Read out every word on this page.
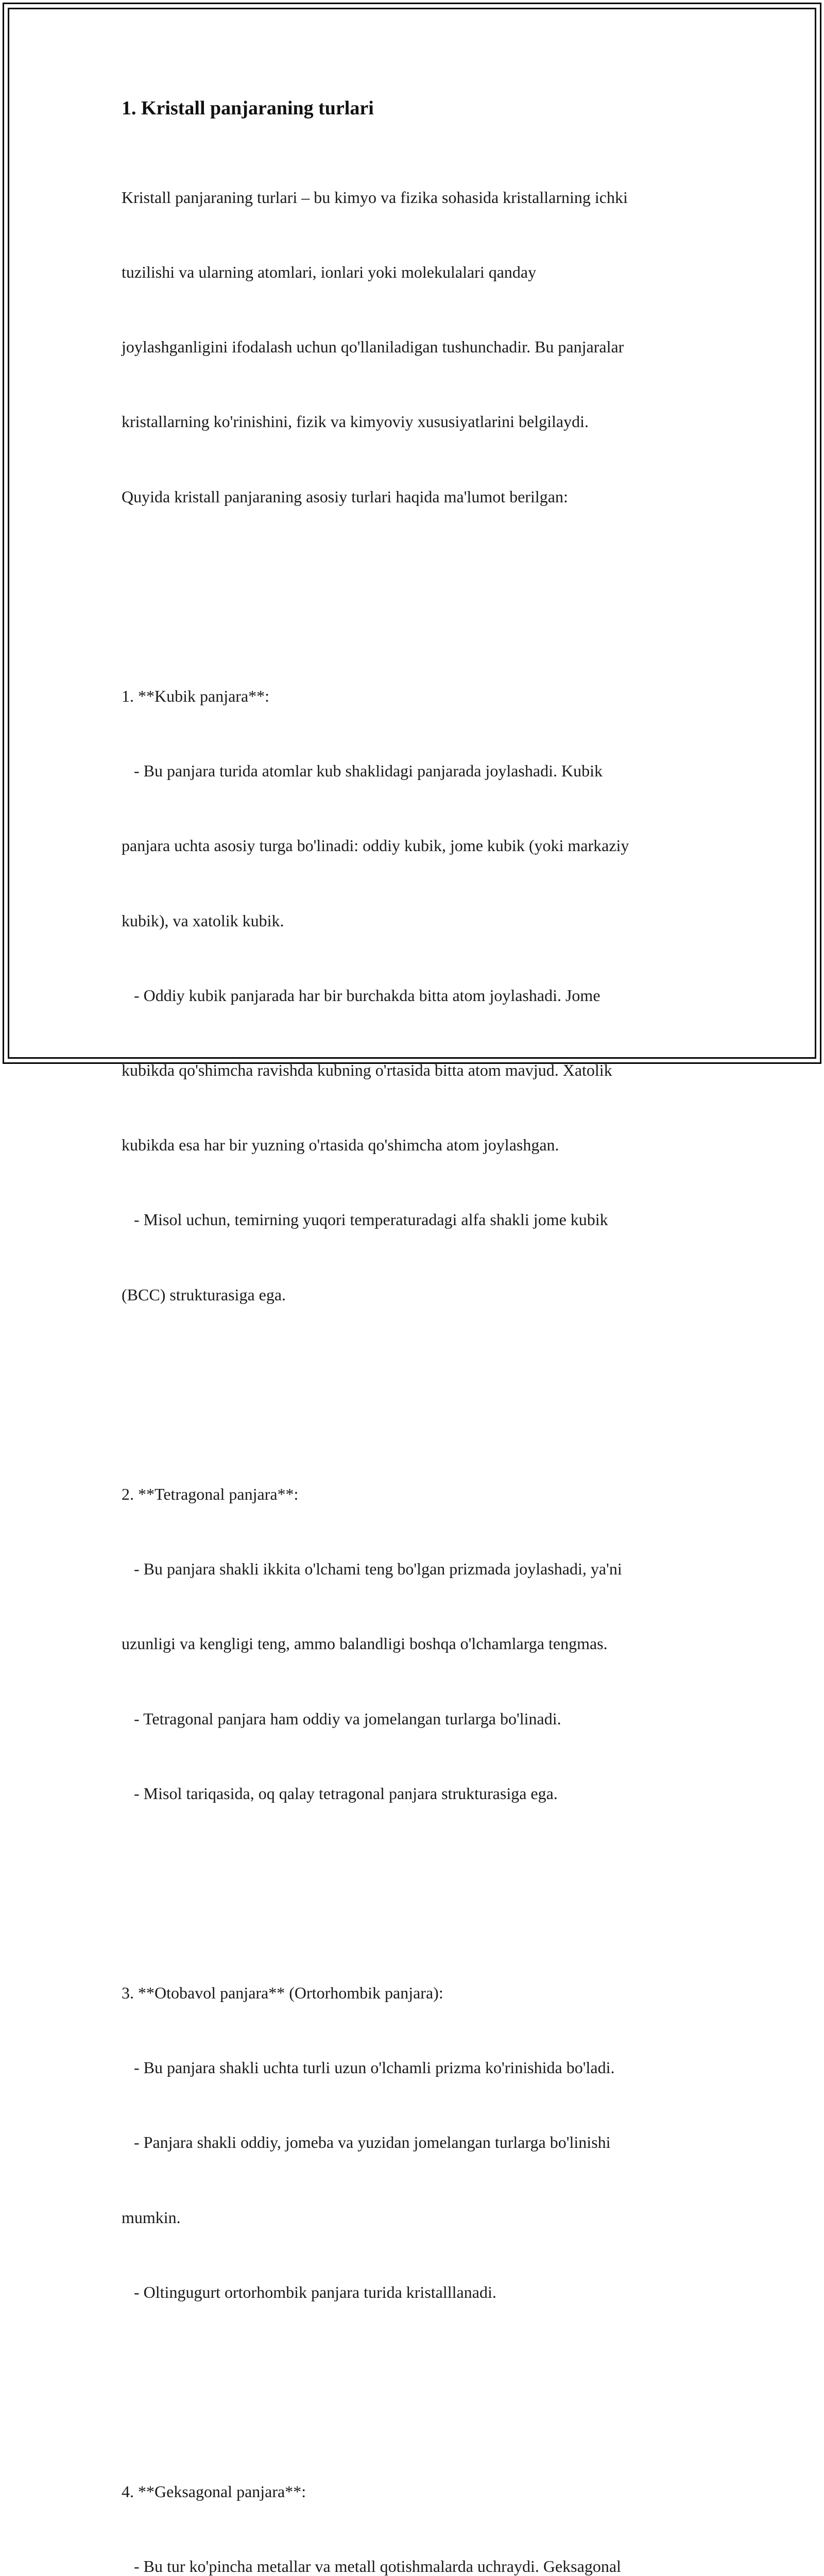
1. Kristall panjaraning turlari

Kristall panjaraning turlari – bu kimyo va fizika sohasida kristallarning ichki

tuzilishi va ularning atomlari, ionlari yoki molekulalari qanday

joylashganligini ifodalash uchun qo'llaniladigan tushunchadir. Bu panjaralar

kristallarning ko'rinishini, fizik va kimyoviy xususiyatlarini belgilaydi.

Quyida kristall panjaraning asosiy turlari haqida ma'lumot berilgan:

1. **Kubik panjara**:

- Bu panjara turida atomlar kub shaklidagi panjarada joylashadi. Kubik

panjara uchta asosiy turga bo'linadi: oddiy kubik, jome kubik (yoki markaziy

kubik), va xatolik kubik.

- Oddiy kubik panjarada har bir burchakda bitta atom joylashadi. Jome

kubikda qo'shimcha ravishda kubning o'rtasida bitta atom mavjud. Xatolik

kubikda esa har bir yuzning o'rtasida qo'shimcha atom joylashgan.

- Misol uchun, temirning yuqori temperaturadagi alfa shakli jome kubik

(BCC) strukturasiga ega.

2. **Tetragonal panjara**:

- Bu panjara shakli ikkita o'lchami teng bo'lgan prizmada joylashadi, ya'ni

uzunligi va kengligi teng, ammo balandligi boshqa o'lchamlarga tengmas.

- Tetragonal panjara ham oddiy va jomelangan turlarga bo'linadi.

- Misol tariqasida, oq qalay tetragonal panjara strukturasiga ega.

3. **Otobavol panjara** (Ortorhombik panjara):

- Bu panjara shakli uchta turli uzun o'lchamli prizma ko'rinishida bo'ladi.

- Panjara shakli oddiy, jomeba va yuzidan jomelangan turlarga bo'linishi

mumkin.

- Oltingugurt ortorhombik panjara turida kristalllanadi.

4. **Geksagonal panjara**:

- Bu tur ko'pincha metallar va metall qotishmalarda uchraydi. Geksagonal
